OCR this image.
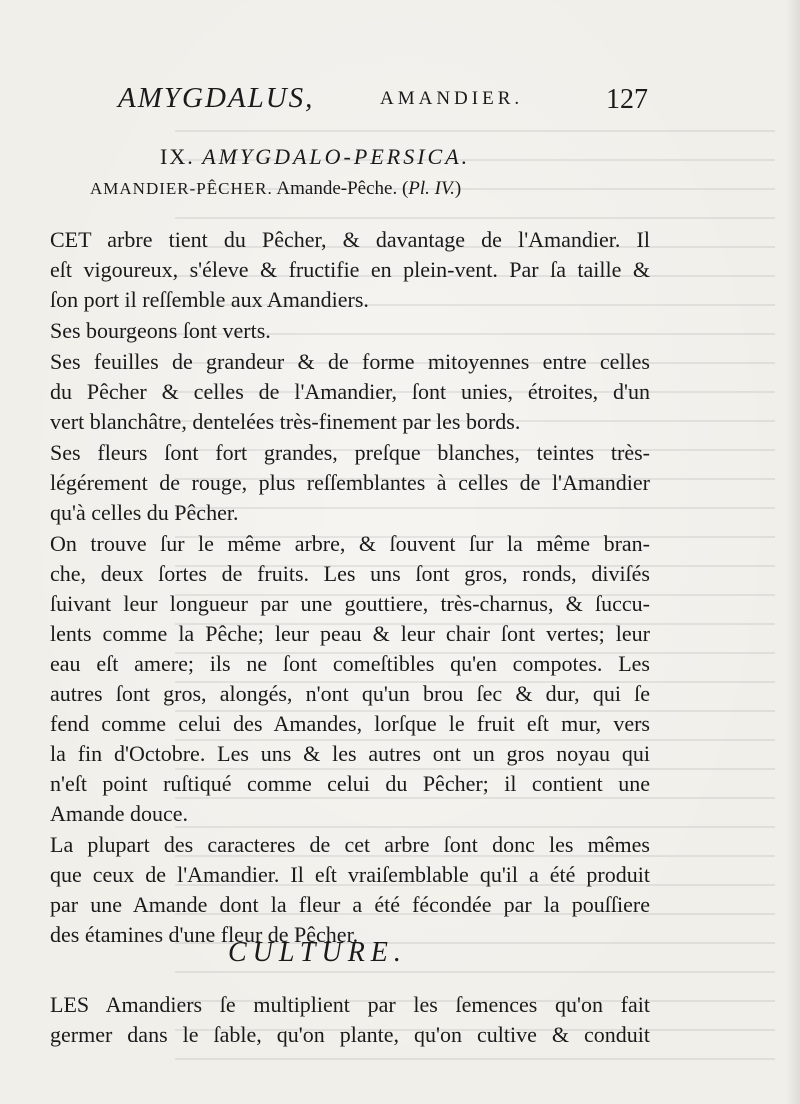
AMYGDALUS,	AMANDIER.	127
IX. AMYGDALO-PERSICA.
AMANDIER-PÊCHER. Amande-Pêche. (Pl. IV.)
CET arbre tient du Pêcher, & davantage de l'Amandier. Il
eſt vigoureux, s'éleve & fructifie en plein-vent. Par ſa taille &
ſon port il reſſemble aux Amandiers.
Ses bourgeons ſont verts.
Ses feuilles de grandeur & de forme mitoyennes entre celles
du Pêcher & celles de l'Amandier, ſont unies, étroites, d'un
vert blanchâtre, dentelées très-finement par les bords.
Ses fleurs ſont fort grandes, preſque blanches, teintes très-
légérement de rouge, plus reſſemblantes à celles de l'Amandier
qu'à celles du Pêcher.
On trouve ſur le même arbre, & ſouvent ſur la même bran-
che, deux ſortes de fruits. Les uns ſont gros, ronds, diviſés
ſuivant leur longueur par une gouttiere, très-charnus, & ſuccu-
lents comme la Pêche; leur peau & leur chair ſont vertes; leur
eau eſt amere; ils ne ſont comeſtibles qu'en compotes. Les
autres ſont gros, alongés, n'ont qu'un brou ſec & dur, qui ſe
fend comme celui des Amandes, lorſque le fruit eſt mur, vers
la fin d'Octobre. Les uns & les autres ont un gros noyau qui
n'eſt point ruſtiqué comme celui du Pêcher; il contient une
Amande douce.
La plupart des caracteres de cet arbre ſont donc les mêmes
que ceux de l'Amandier. Il eſt vraiſemblable qu'il a été produit
par une Amande dont la fleur a été fécondée par la pouſſiere
des étamines d'une fleur de Pêcher.
CULTURE.
LES Amandiers ſe multiplient par les ſemences qu'on fait
germer dans le ſable, qu'on plante, qu'on cultive & conduit
